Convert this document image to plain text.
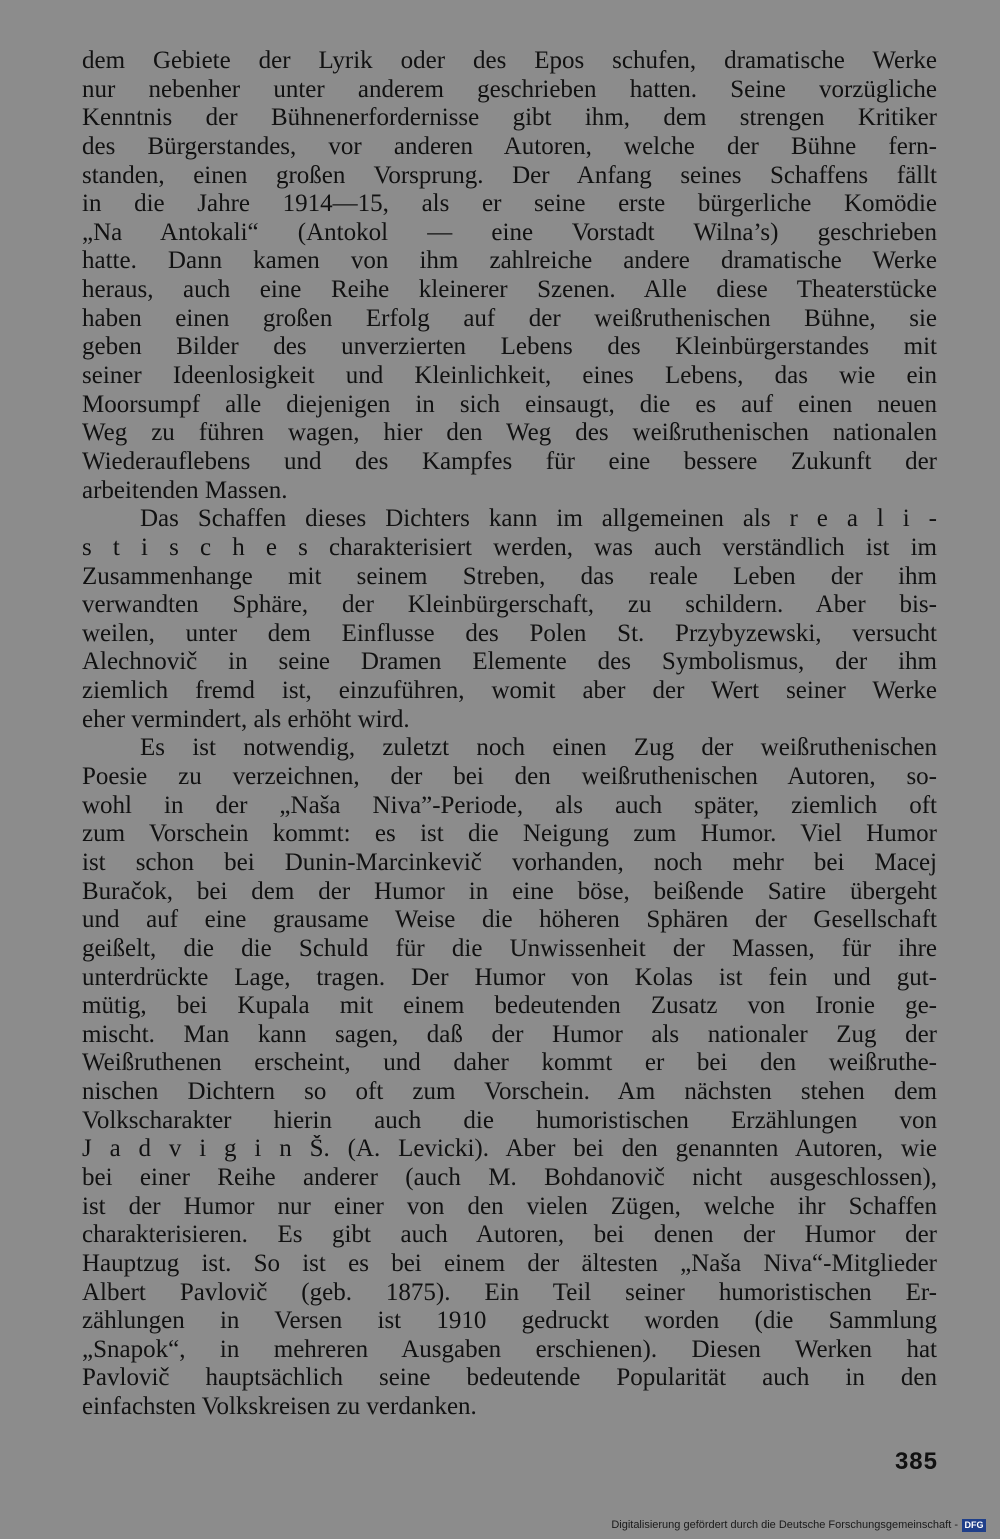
dem Gebiete der Lyrik oder des Epos schufen, dramatische Werke
nur nebenher unter anderem geschrieben hatten. Seine vorzügliche
Kenntnis der Bühnenerfordernisse gibt ihm, dem strengen Kritiker
des Bürgerstandes, vor anderen Autoren, welche der Bühne fern-
standen, einen großen Vorsprung. Der Anfang seines Schaffens fällt
in die Jahre 1914—15, als er seine erste bürgerliche Komödie
„Na Antokali“ (Antokol — eine Vorstadt Wilna’s) geschrieben
hatte. Dann kamen von ihm zahlreiche andere dramatische Werke
heraus, auch eine Reihe kleinerer Szenen. Alle diese Theaterstücke
haben einen großen Erfolg auf der weißruthenischen Bühne, sie
geben Bilder des unverzierten Lebens des Kleinbürgerstandes mit
seiner Ideenlosigkeit und Kleinlichkeit, eines Lebens, das wie ein
Moorsumpf alle diejenigen in sich einsaugt, die es auf einen neuen
Weg zu führen wagen, hier den Weg des weißruthenischen nationalen
Wiederauflebens und des Kampfes für eine bessere Zukunft der
arbeitenden Massen.
Das Schaffen dieses Dichters kann im allgemeinen als r e a l i -
s t i s c h e s charakterisiert werden, was auch verständlich ist im
Zusammenhange mit seinem Streben, das reale Leben der ihm
verwandten Sphäre, der Kleinbürgerschaft, zu schildern. Aber bis-
weilen, unter dem Einflusse des Polen St. Przybyzewski, versucht
Alechnovič in seine Dramen Elemente des Symbolismus, der ihm
ziemlich fremd ist, einzuführen, womit aber der Wert seiner Werke
eher vermindert, als erhöht wird.
Es ist notwendig, zuletzt noch einen Zug der weißruthenischen
Poesie zu verzeichnen, der bei den weißruthenischen Autoren, so-
wohl in der „Naša Niva”-Periode, als auch später, ziemlich oft
zum Vorschein kommt: es ist die Neigung zum Humor. Viel Humor
ist schon bei Dunin-Marcinkevič vorhanden, noch mehr bei Macej
Buračok, bei dem der Humor in eine böse, beißende Satire übergeht
und auf eine grausame Weise die höheren Sphären der Gesellschaft
geißelt, die die Schuld für die Unwissenheit der Massen, für ihre
unterdrückte Lage, tragen. Der Humor von Kolas ist fein und gut-
mütig, bei Kupala mit einem bedeutenden Zusatz von Ironie ge-
mischt. Man kann sagen, daß der Humor als nationaler Zug der
Weißruthenen erscheint, und daher kommt er bei den weißruthe-
nischen Dichtern so oft zum Vorschein. Am nächsten stehen dem
Volkscharakter hierin auch die humoristischen Erzählungen von
J a d v i g i n Š. (A. Levicki). Aber bei den genannten Autoren, wie
bei einer Reihe anderer (auch M. Bohdanovič nicht ausgeschlossen),
ist der Humor nur einer von den vielen Zügen, welche ihr Schaffen
charakterisieren. Es gibt auch Autoren, bei denen der Humor der
Hauptzug ist. So ist es bei einem der ältesten „Naša Niva“-Mitglieder
Albert Pavlovič (geb. 1875). Ein Teil seiner humoristischen Er-
zählungen in Versen ist 1910 gedruckt worden (die Sammlung
„Snapok“, in mehreren Ausgaben erschienen). Diesen Werken hat
Pavlovič hauptsächlich seine bedeutende Popularität auch in den
einfachsten Volkskreisen zu verdanken.
385
Digitalisierung gefördert durch die Deutsche Forschungsgemeinschaft - DFG
